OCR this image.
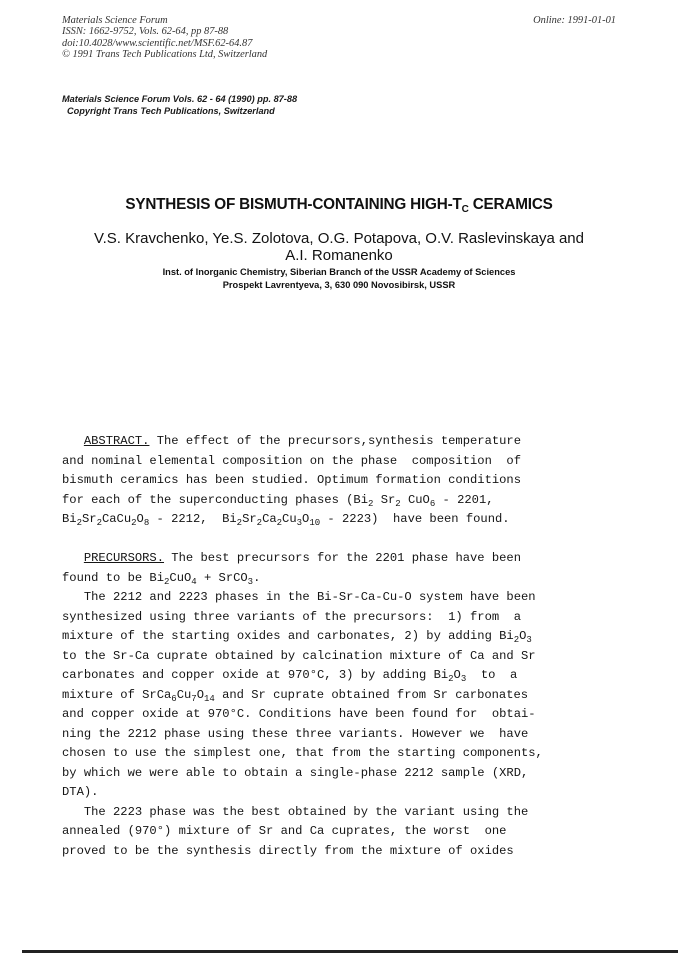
Materials Science Forum
ISSN: 1662-9752, Vols. 62-64, pp 87-88
doi:10.4028/www.scientific.net/MSF.62-64.87
© 1991 Trans Tech Publications Ltd, Switzerland
Online: 1991-01-01
Materials Science Forum Vols. 62 - 64 (1990) pp. 87-88
Copyright Trans Tech Publications, Switzerland
SYNTHESIS OF BISMUTH-CONTAINING HIGH-$T_C$ CERAMICS
V.S. Kravchenko, Ye.S. Zolotova, O.G. Potapova, O.V. Raslevinskaya and
A.I. Romanenko
Inst. of Inorganic Chemistry, Siberian Branch of the USSR Academy of Sciences
Prospekt Lavrentyeva, 3, 630 090 Novosibirsk, USSR
ABSTRACT. The effect of the precursors,synthesis temperature
and nominal elemental composition on the phase  composition  of
bismuth ceramics has been studied. Optimum formation conditions
for each of the superconducting phases ($Bi_2$ $Sr_2$ CuO$_6$ - 2201,
$Bi_2Sr_2CaCu_2O_8 - 2212$,  $Bi_2Sr_2Ca_2Cu_3O_{10} - 2223$)  have been found.

PRECURSORS. The best precursors for the 2201 phase have been
found to be $Bi_2CuO_4$ + SrCO$_3$.
The 2212 and 2223 phases in the Bi-Sr-Ca-Cu-O system have been
synthesized using three variants of the precursors:  1) from  a
mixture of the starting oxides and carbonates, 2) by adding $Bi_2O_3$
to the Sr-Ca cuprate obtained by calcination mixture of Ca and Sr
carbonates and copper oxide at 970°C, 3) by adding $Bi_2O_3$  to  a
mixture of $SrCa_6Cu_7O_{14}$ and Sr cuprate obtained from Sr carbonates
and copper oxide at 970°C. Conditions have been found for  obtai-
ning the 2212 phase using these three variants. However we  have
chosen to use the simplest one, that from the starting components,
by which we were able to obtain a single-phase 2212 sample (XRD,
DTA).
The 2223 phase was the best obtained by the variant using the
annealed (970°) mixture of Sr and Ca cuprates, the worst  one
proved to be the synthesis directly from the mixture of oxides
